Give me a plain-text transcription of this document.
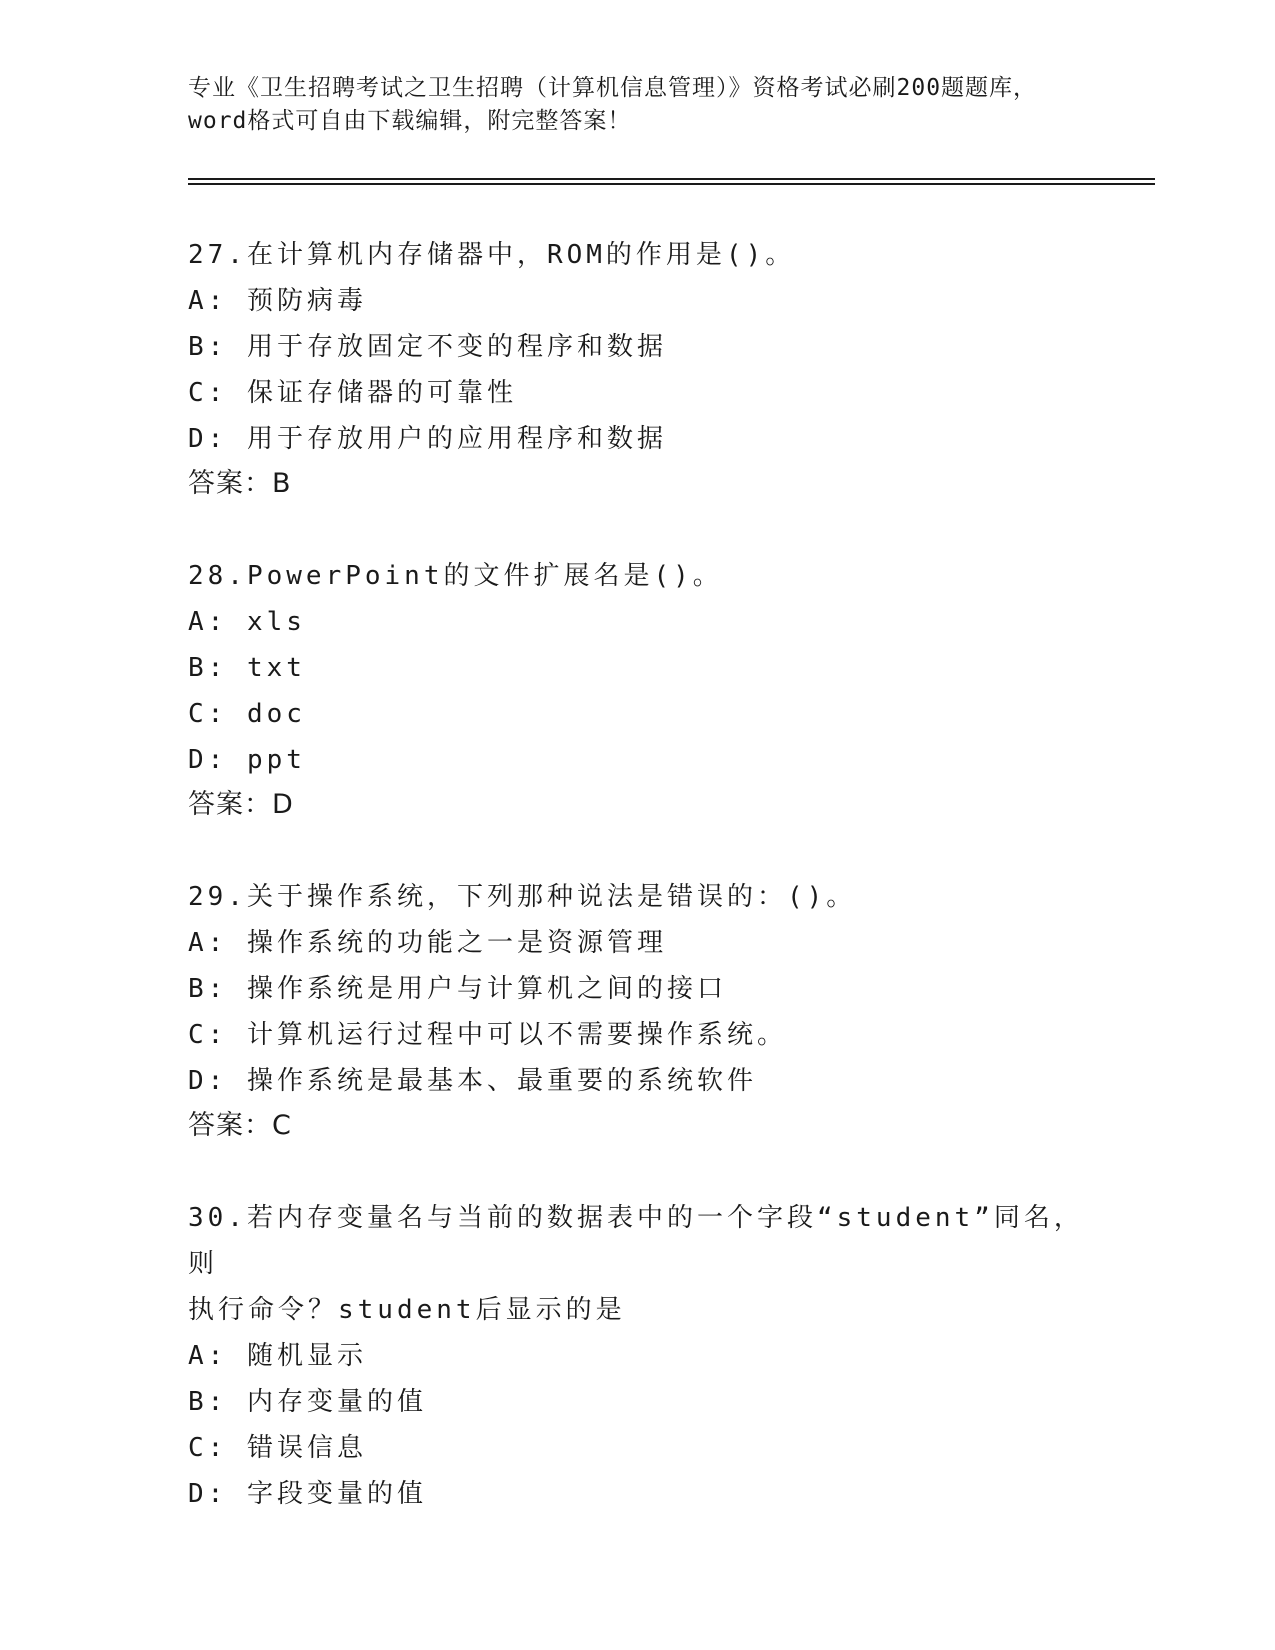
专业《卫生招聘考试之卫生招聘（计算机信息管理）》资格考试必刷200题题库，
word格式可自由下载编辑，附完整答案！
27.在计算机内存储器中，ROM的作用是()。
A: 预防病毒
B: 用于存放固定不变的程序和数据
C: 保证存储器的可靠性
D: 用于存放用户的应用程序和数据
答案：B
28.PowerPoint的文件扩展名是()。
A: xls
B: txt
C: doc
D: ppt
答案：D
29.关于操作系统，下列那种说法是错误的：()。
A: 操作系统的功能之一是资源管理
B: 操作系统是用户与计算机之间的接口
C: 计算机运行过程中可以不需要操作系统。
D: 操作系统是最基本、最重要的系统软件
答案：C
30.若内存变量名与当前的数据表中的一个字段“student”同名，则
执行命令？student后显示的是
A: 随机显示
B: 内存变量的值
C: 错误信息
D: 字段变量的值
